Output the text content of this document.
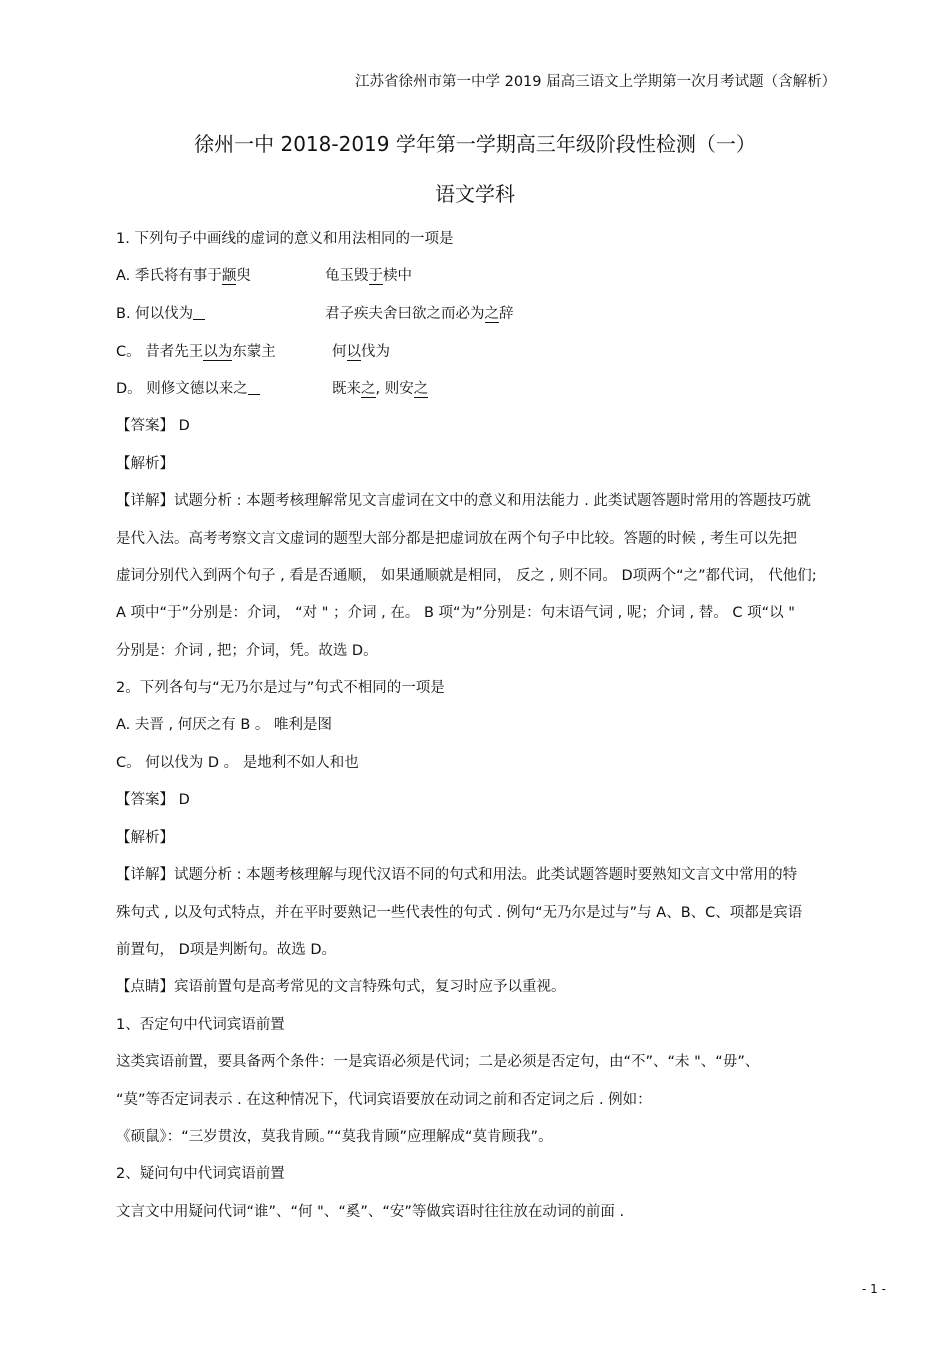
江苏省徐州市第一中学 2019 届高三语文上学期第一次月考试题（含解析）
徐州一中 2018-2019 学年第一学期高三年级阶段性检测（一）
语文学科
1. 下列句子中画线的虚词的意义和用法相同的一项是
A. 季氏将有事于颛臾	龟玉毁于椟中
B. 何以伐为	君子疾夫舍曰欲之而必为之辞
C。 昔者先王以为东蒙主	何以伐为
D。 则修文德以来之	既来之, 则安之
【答案】 D
【解析】
【详解】试题分析 : 本题考核理解常见文言虚词在文中的意义和用法能力 . 此类试题答题时常用的答题技巧就
是代入法。高考考察文言文虚词的题型大部分都是把虚词放在两个句子中比较。答题的时候 , 考生可以先把
虚词分别代入到两个句子 , 看是否通顺， 如果通顺就是相同， 反之 , 则不同。 D项两个“之”都代词， 代他们;
A 项中“于”分别是：介词， “对 " ；介词 , 在。 B 项“为”分别是：句末语气词 , 呢；介词 , 替。 C 项“以 "
分别是：介词 , 把；介词，凭。故选 D。
2。下列各句与“无乃尔是过与”句式不相同的一项是
A. 夫晋 , 何厌之有 B 。 唯利是图
C。 何以伐为 D 。 是地利不如人和也
【答案】 D
【解析】
【详解】试题分析 : 本题考核理解与现代汉语不同的句式和用法。此类试题答题时要熟知文言文中常用的特
殊句式 , 以及句式特点，并在平时要熟记一些代表性的句式 . 例句“无乃尔是过与”与 A、B、C、项都是宾语
前置句， D项是判断句。故选 D。
【点睛】宾语前置句是高考常见的文言特殊句式，复习时应予以重视。
1、否定句中代词宾语前置
这类宾语前置，要具备两个条件：一是宾语必须是代词；二是必须是否定句，由“不”、“未 "、“毋”、
“莫”等否定词表示 . 在这种情况下，代词宾语要放在动词之前和否定词之后 . 例如：
《硕鼠》：“三岁贯汝，莫我肯顾。”“莫我肯顾”应理解成“莫肯顾我”。
2、疑问句中代词宾语前置
文言文中用疑问代词“谁”、“何 "、“奚”、“安”等做宾语时往往放在动词的前面 .
- 1 -
